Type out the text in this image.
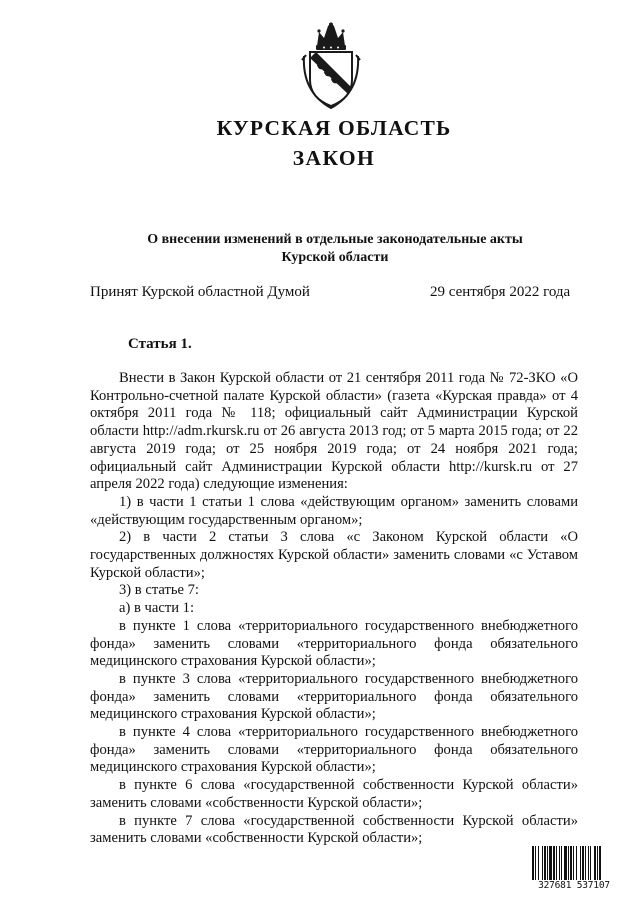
КУРСКАЯ ОБЛАСТЬ
ЗАКОН
О внесении изменений в отдельные законодательные акты
Курской области
Принят Курской областной Думой	29 сентября 2022 года
Статья 1.

Внести в Закон Курской области от 21 сентября 2011 года № 72-ЗКО «О Контрольно-счетной палате Курской области» (газета «Курская правда» от 4 октября 2011 года № 118; официальный сайт Администрации Курской области http://adm.rkursk.ru от 26 августа 2013 год; от 5 марта 2015 года; от 22 августа 2019 года; от 25 ноября 2019 года; от 24 ноября 2021 года; официальный сайт Администрации Курской области http://kursk.ru от 27 апреля 2022 года) следующие изменения:

1) в части 1 статьи 1 слова «действующим органом» заменить словами «действующим государственным органом»;

2) в части 2 статьи 3 слова «с Законом Курской области «О государственных должностях Курской области» заменить словами «с Уставом Курской области»;

3) в статье 7:

а) в части 1:

в пункте 1 слова «территориального государственного внебюджетного фонда» заменить словами «территориального фонда обязательного медицинского страхования Курской области»;

в пункте 3 слова «территориального государственного внебюджетного фонда» заменить словами «территориального фонда обязательного медицинского страхования Курской области»;

в пункте 4 слова «территориального государственного внебюджетного фонда» заменить словами «территориального фонда обязательного медицинского страхования Курской области»;

в пункте 6 слова «государственной собственности Курской области» заменить словами «собственности Курской области»;

в пункте 7 слова «государственной собственности Курской области» заменить словами «собственности Курской области»;

327681 537107
